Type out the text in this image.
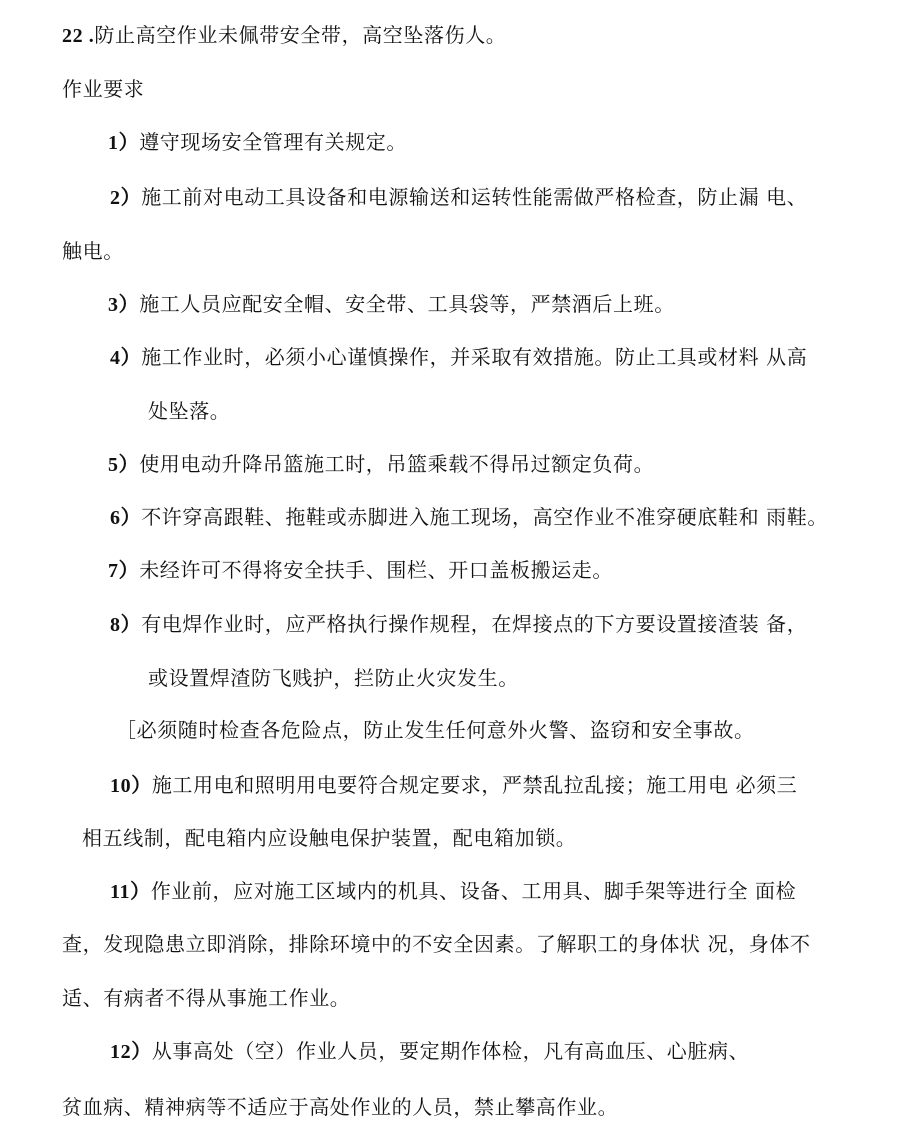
22 .防止高空作业未佩带安全带，高空坠落伤人。
作业要求
1）遵守现场安全管理有关规定。
2）施工前对电动工具设备和电源输送和运转性能需做严格检查，防止漏 电、
触电。
3）施工人员应配安全帽、安全带、工具袋等，严禁酒后上班。
4）施工作业时，必须小心谨慎操作，并采取有效措施。防止工具或材料 从高
处坠落。
5）使用电动升降吊篮施工时，吊篮乘载不得吊过额定负荷。
6）不许穿高跟鞋、拖鞋或赤脚进入施工现场，高空作业不准穿硬底鞋和 雨鞋。
7）未经许可不得将安全扶手、围栏、开口盖板搬运走。
8）有电焊作业时，应严格执行操作规程，在焊接点的下方要设置接渣装 备，
或设置焊渣防飞贱护，拦防止火灾发生。
［必须随时检查各危险点，防止发生任何意外火警、盗窃和安全事故。
10）施工用电和照明用电要符合规定要求，严禁乱拉乱接；施工用电 必须三
相五线制，配电箱内应设触电保护装置，配电箱加锁。
11）作业前，应对施工区域内的机具、设备、工用具、脚手架等进行全 面检
查，发现隐患立即消除，排除环境中的不安全因素。了解职工的身体状 况，身体不
适、有病者不得从事施工作业。
12）从事高处（空）作业人员，要定期作体检，凡有高血压、心脏病、
贫血病、精神病等不适应于高处作业的人员，禁止攀高作业。
